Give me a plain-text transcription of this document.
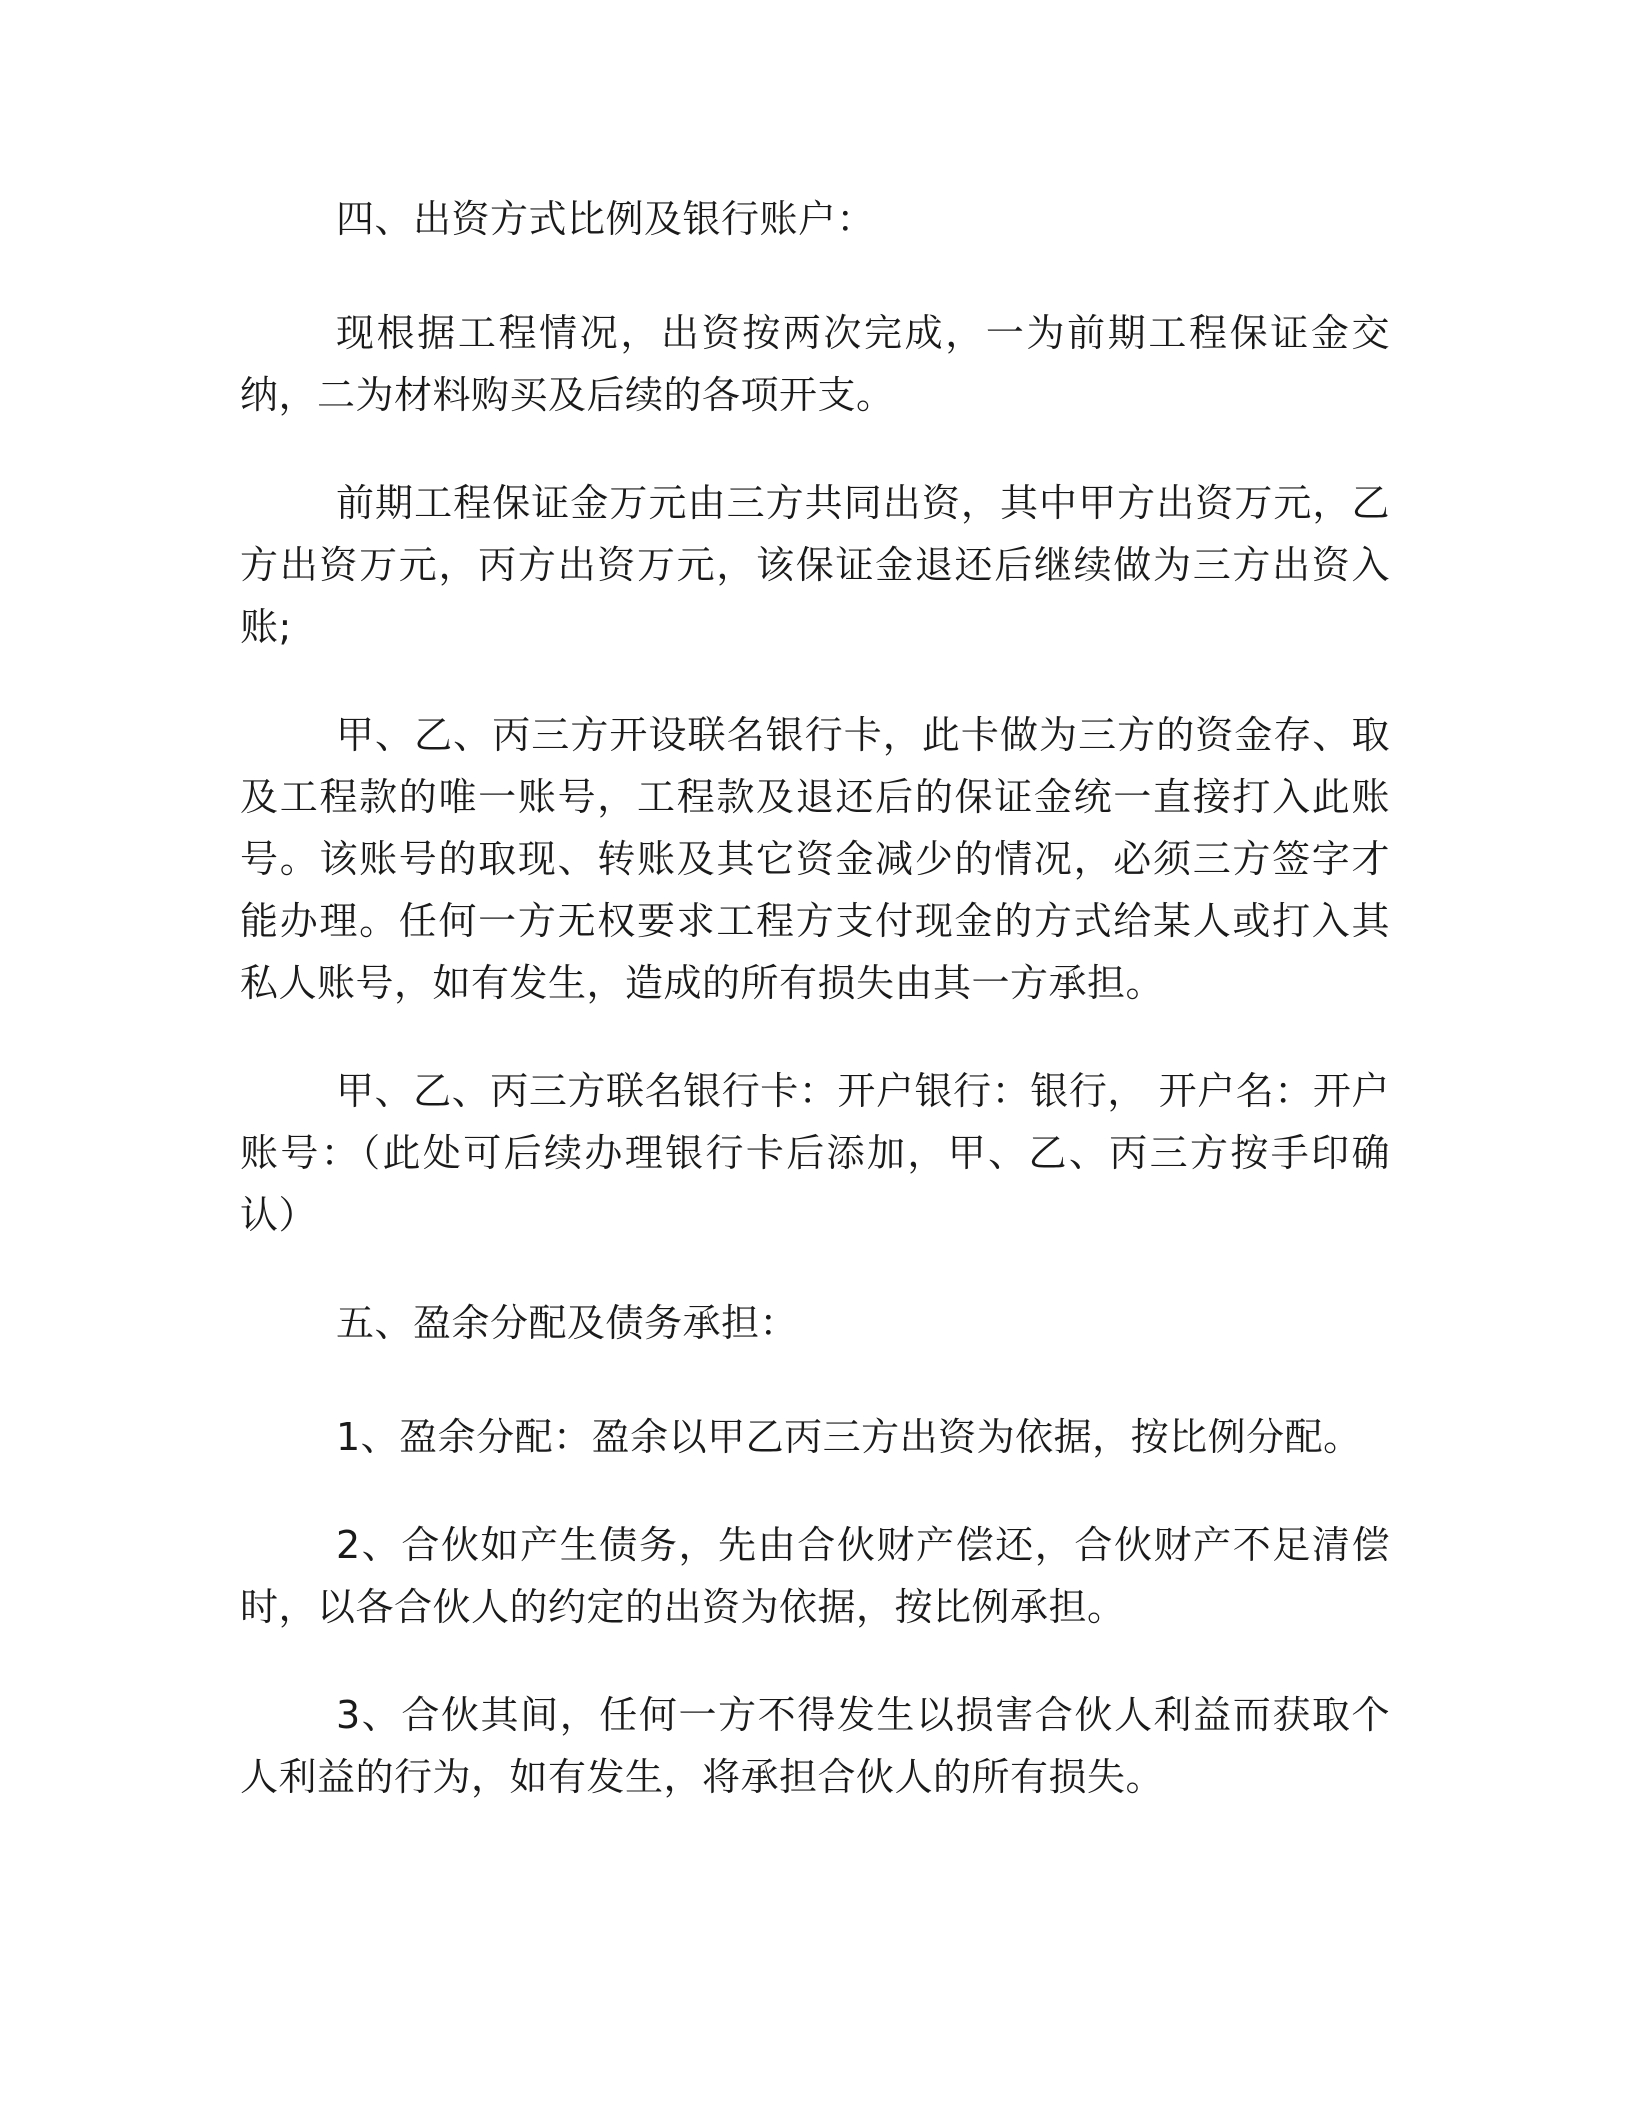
四、出资方式比例及银行账户：

现根据工程情况，出资按两次完成，一为前期工程保证金交纳，二为材料购买及后续的各项开支。

前期工程保证金万元由三方共同出资，其中甲方出资万元，乙方出资万元，丙方出资万元，该保证金退还后继续做为三方出资入账;

甲、乙、丙三方开设联名银行卡，此卡做为三方的资金存、取及工程款的唯一账号，工程款及退还后的保证金统一直接打入此账号。该账号的取现、转账及其它资金减少的情况，必须三方签字才能办理。任何一方无权要求工程方支付现金的方式给某人或打入其私人账号，如有发生，造成的所有损失由其一方承担。

甲、乙、丙三方联名银行卡：开户银行：银行， 开户名：开户账号：（此处可后续办理银行卡后添加，甲、乙、丙三方按手印确认）

五、盈余分配及债务承担：

1、盈余分配：盈余以甲乙丙三方出资为依据，按比例分配。

2、合伙如产生债务，先由合伙财产偿还，合伙财产不足清偿时，以各合伙人的约定的出资为依据，按比例承担。

3、合伙其间，任何一方不得发生以损害合伙人利益而获取个人利益的行为，如有发生，将承担合伙人的所有损失。
